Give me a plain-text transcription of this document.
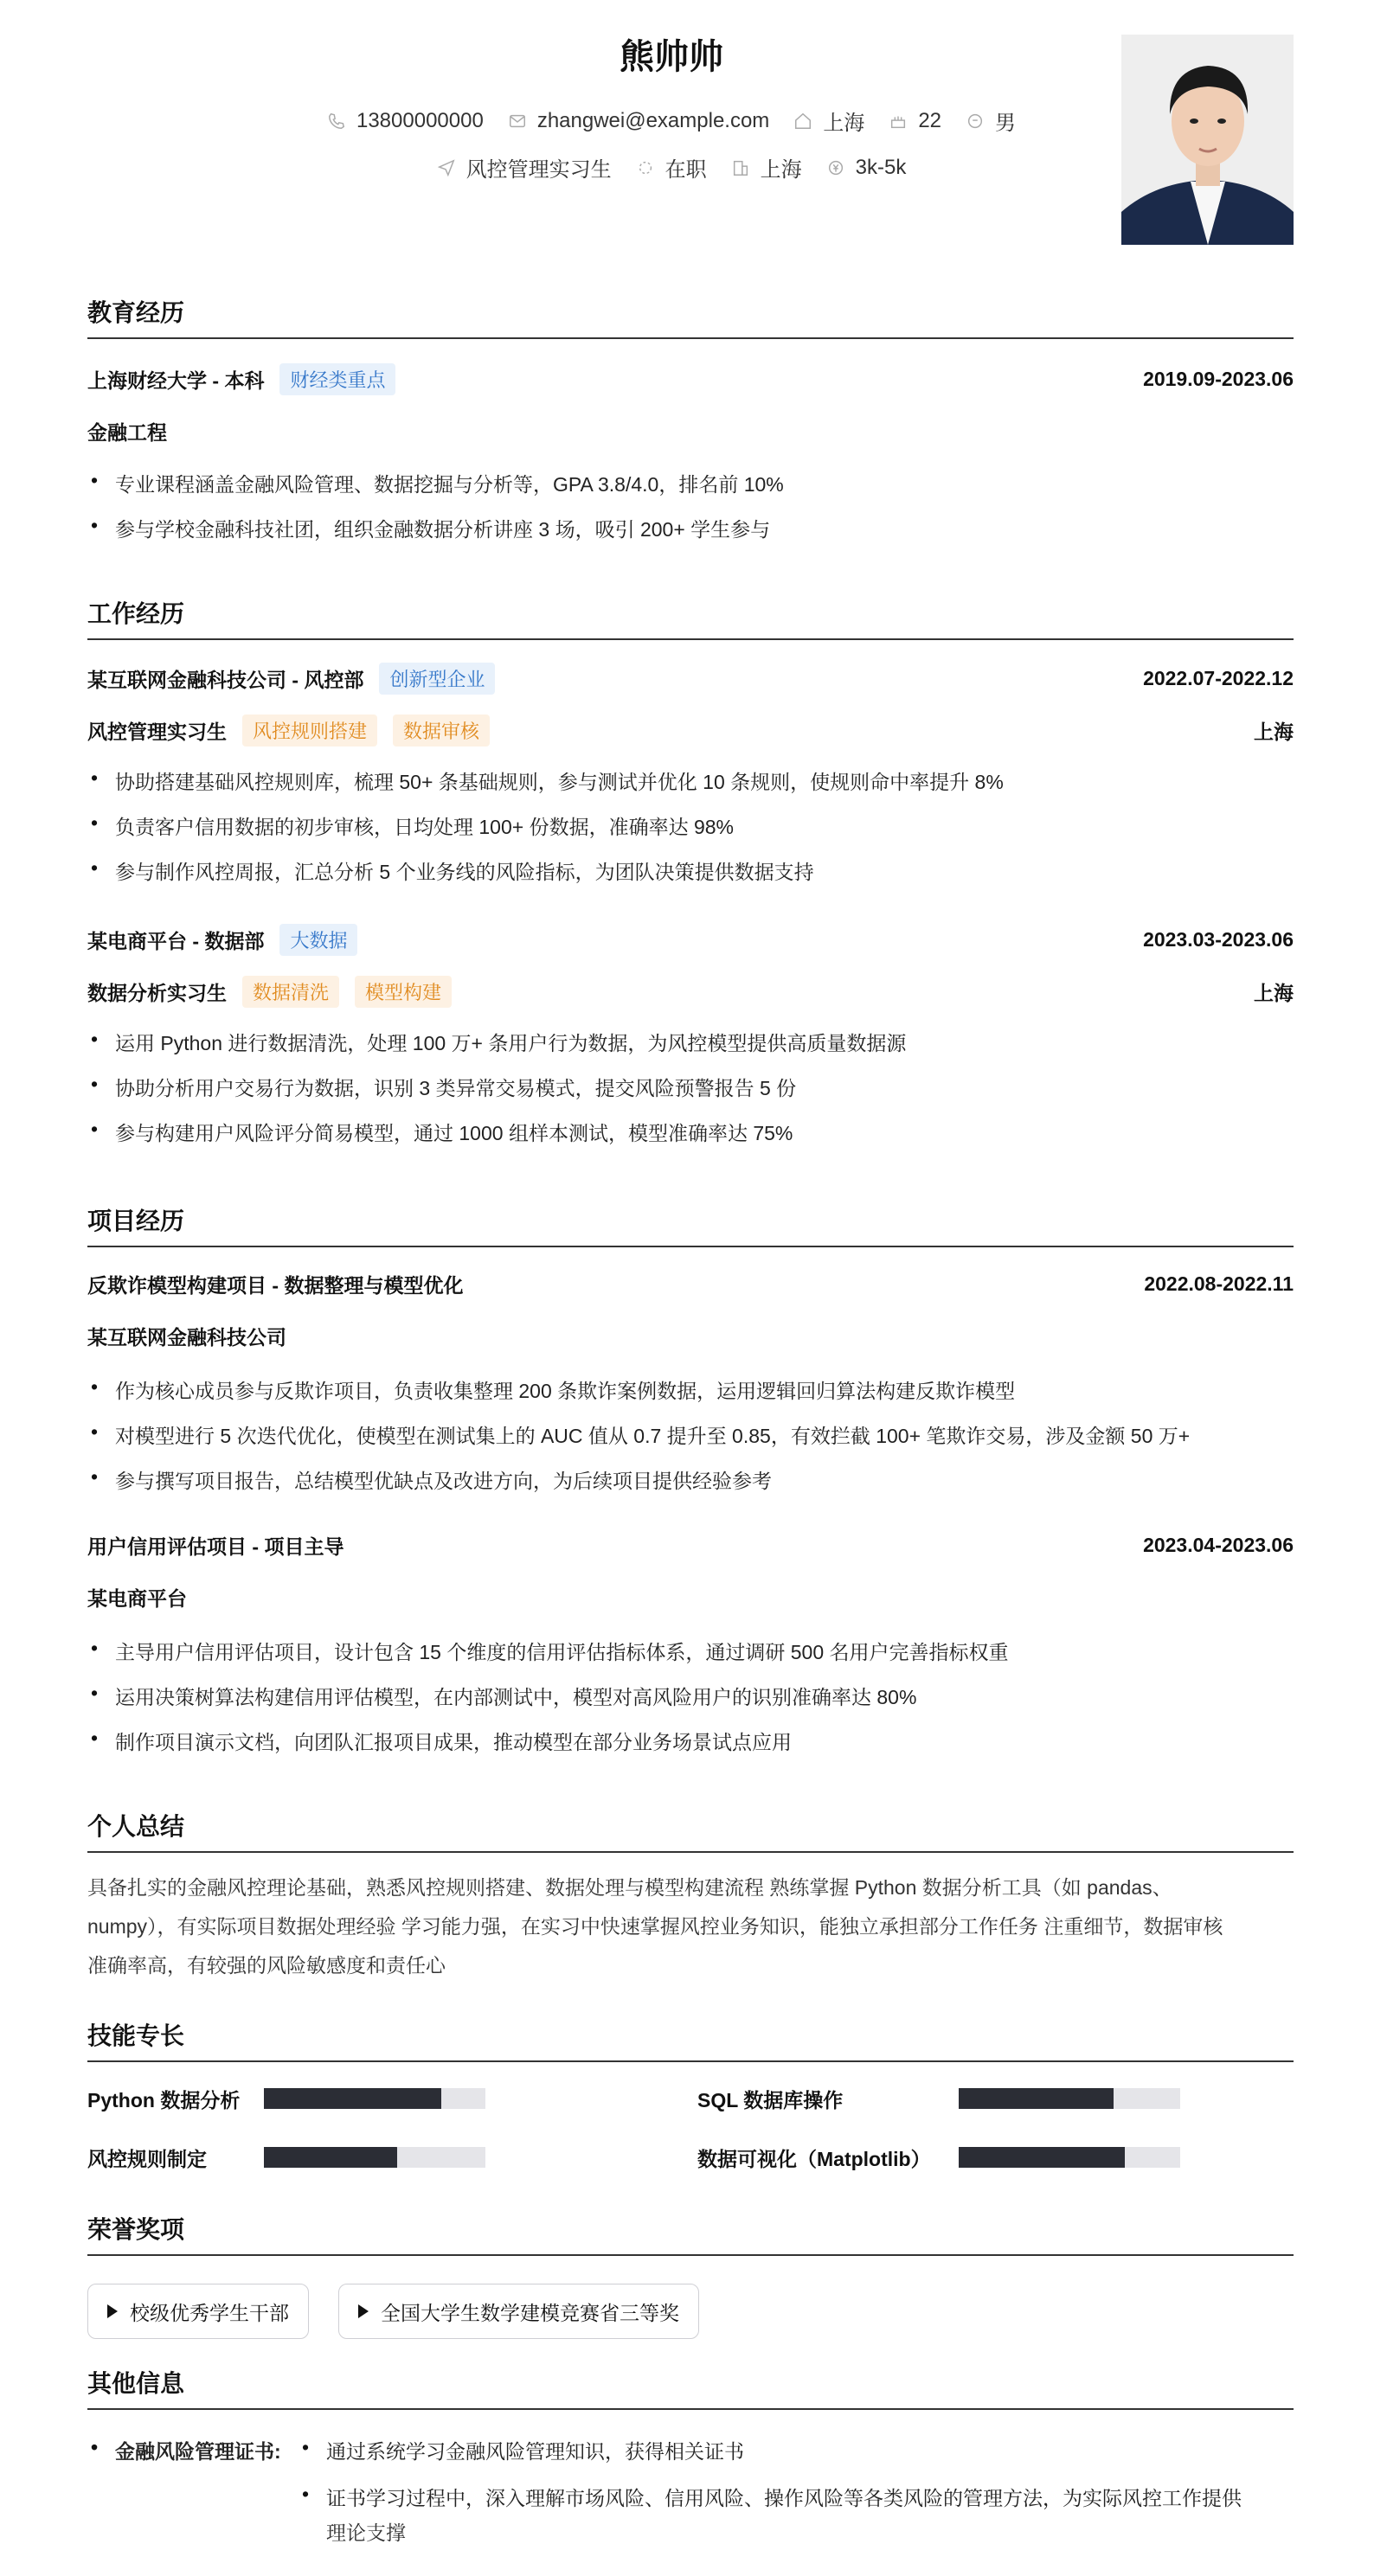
熊帅帅
13800000000	zhangwei@example.com	上海	22	男
风控管理实习生	在职	上海	3k-5k
教育经历
上海财经大学 - 本科	财经类重点	2019.09-2023.06
金融工程
• 专业课程涵盖金融风险管理、数据挖掘与分析等，GPA 3.8/4.0，排名前 10%
• 参与学校金融科技社团，组织金融数据分析讲座 3 场，吸引 200+ 学生参与
工作经历
某互联网金融科技公司 - 风控部	创新型企业	2022.07-2022.12
风控管理实习生	风控规则搭建	数据审核	上海
• 协助搭建基础风控规则库，梳理 50+ 条基础规则，参与测试并优化 10 条规则，使规则命中率提升 8%
• 负责客户信用数据的初步审核，日均处理 100+ 份数据，准确率达 98%
• 参与制作风控周报，汇总分析 5 个业务线的风险指标，为团队决策提供数据支持
某电商平台 - 数据部	大数据	2023.03-2023.06
数据分析实习生	数据清洗	模型构建	上海
• 运用 Python 进行数据清洗，处理 100 万+ 条用户行为数据，为风控模型提供高质量数据源
• 协助分析用户交易行为数据，识别 3 类异常交易模式，提交风险预警报告 5 份
• 参与构建用户风险评分简易模型，通过 1000 组样本测试，模型准确率达 75%
项目经历
反欺诈模型构建项目 - 数据整理与模型优化	2022.08-2022.11
某互联网金融科技公司
• 作为核心成员参与反欺诈项目，负责收集整理 200 条欺诈案例数据，运用逻辑回归算法构建反欺诈模型
• 对模型进行 5 次迭代优化，使模型在测试集上的 AUC 值从 0.7 提升至 0.85，有效拦截 100+ 笔欺诈交易，涉及金额 50 万+
• 参与撰写项目报告，总结模型优缺点及改进方向，为后续项目提供经验参考
用户信用评估项目 - 项目主导	2023.04-2023.06
某电商平台
• 主导用户信用评估项目，设计包含 15 个维度的信用评估指标体系，通过调研 500 名用户完善指标权重
• 运用决策树算法构建信用评估模型，在内部测试中，模型对高风险用户的识别准确率达 80%
• 制作项目演示文档，向团队汇报项目成果，推动模型在部分业务场景试点应用
个人总结
具备扎实的金融风控理论基础，熟悉风控规则搭建、数据处理与模型构建流程 熟练掌握 Python 数据分析工具（如 pandas、
numpy），有实际项目数据处理经验 学习能力强，在实习中快速掌握风控业务知识，能独立承担部分工作任务 注重细节，数据审核
准确率高，有较强的风险敏感度和责任心
技能专长
Python 数据分析	SQL 数据库操作
风控规则制定	数据可视化（Matplotlib）
荣誉奖项
校级优秀学生干部	全国大学生数学建模竞赛省三等奖
其他信息
• 金融风险管理证书:
•	通过系统学习金融风险管理知识，获得相关证书
• 证书学习过程中，深入理解市场风险、信用风险、操作风险等各类风险的管理方法，为实际风控工作提供
理论支撑
